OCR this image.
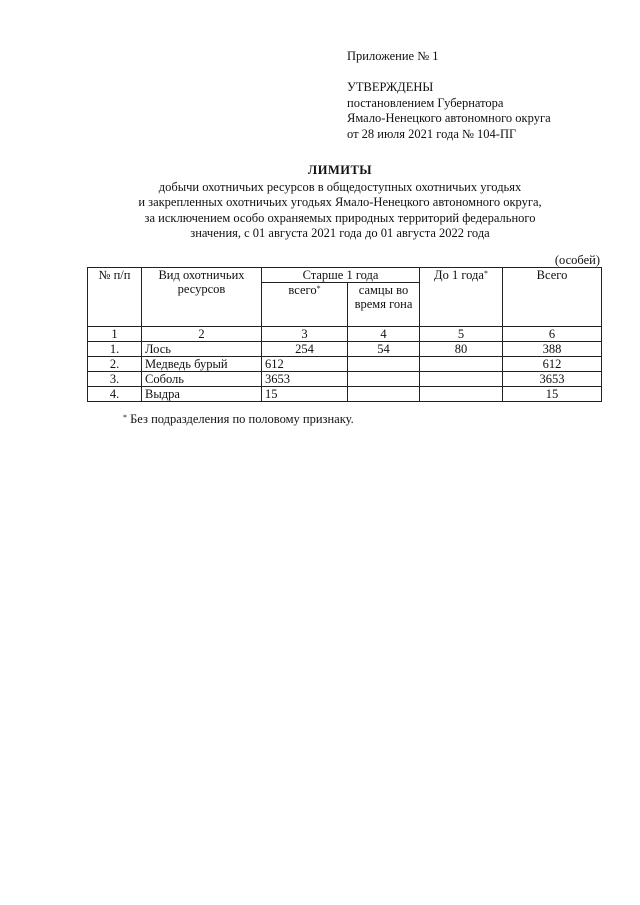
Приложение № 1
УТВЕРЖДЕНЫ
постановлением Губернатора
Ямало-Ненецкого автономного округа
от 28 июля 2021 года № 104-ПГ
ЛИМИТЫ
добычи охотничьих ресурсов в общедоступных охотничьих угодьях
и закрепленных охотничьих угодьях Ямало-Ненецкого автономного округа,
за исключением особо охраняемых природных территорий федерального
значения, с 01 августа 2021 года до 01 августа 2022 года
(особей)
№ п/п	Вид охотничьих ресурсов	Старше 1 года		До 1 года*	Всего
		всего*	самцы во время гона		
1	2	3	4	5	6
1.	Лось	254	54	80	388
2.	Медведь бурый	612			612
3.	Соболь	3653			3653
4.	Выдра	15			15
* Без подразделения по половому признаку.
